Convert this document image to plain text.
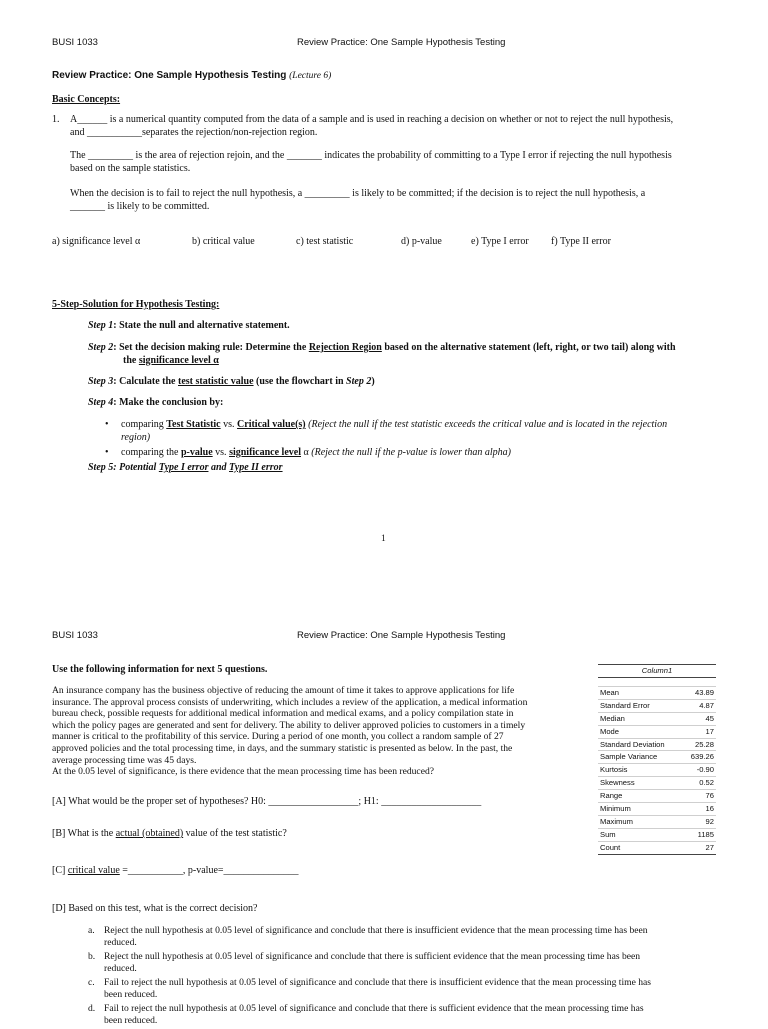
BUSI 1033	Review Practice: One Sample Hypothesis Testing
Review Practice: One Sample Hypothesis Testing (Lecture 6)
Basic Concepts:
1. A______ is a numerical quantity computed from the data of a sample and is used in reaching a decision on whether or not to reject the null hypothesis,
and ___________separates the rejection/non-rejection region.
The _________ is the area of rejection rejoin, and the _______ indicates the probability of committing to a Type I error if rejecting the null hypothesis
based on the sample statistics.
When the decision is to fail to reject the null hypothesis, a _________ is likely to be committed; if the decision is to reject the null hypothesis, a
_______ is likely to be committed.
a) significance level α	b) critical value	c) test statistic	d) p-value	e) Type I error f) Type II error
5-Step-Solution for Hypothesis Testing:
Step 1: State the null and alternative statement.
Step 2: Set the decision making rule: Determine the Rejection Region based on the alternative statement (left, right, or two tail) along with
the significance level α
Step 3: Calculate the test statistic value (use the flowchart in Step 2)
Step 4: Make the conclusion by:
•	comparing Test Statistic vs. Critical value(s) (Reject the null if the test statistic exceeds the critical value and is located in the rejection
region)
•	comparing the p-value vs. significance level α (Reject the null if the p-value is lower than alpha)
Step 5: Potential Type I error and Type II error
1
BUSI 1033	Review Practice: One Sample Hypothesis Testing
Use the following information for next 5 questions.
An insurance company has the business objective of reducing the amount of time it takes to approve applications for life
insurance. The approval process consists of underwriting, which includes a review of the application, a medical information
bureau check, possible requests for additional medical information and medical exams, and a policy compilation state in
which the policy pages are generated and sent for delivery. The ability to deliver approved policies to customers in a timely
manner is critical to the profitability of this service. During a period of one month, you collect a random sample of 27
approved policies and the total processing time, in days, and the summary statistic is presented as below. In the past, the
average processing time was 45 days.
At the 0.05 level of significance, is there evidence that the mean processing time has been reduced?
[A] What would be the proper set of hypotheses? H0: __________________; H1: ____________________
[B] What is the actual (obtained) value of the test statistic?
[C] critical value =___________, p-value=_______________
[D] Based on this test, what is the correct decision?
a. Reject the null hypothesis at 0.05 level of significance and conclude that there is insufficient evidence that the mean processing time has been
reduced.
b. Reject the null hypothesis at 0.05 level of significance and conclude that there is sufficient evidence that the mean processing time has been
reduced.
c. Fail to reject the null hypothesis at 0.05 level of significance and conclude that there is insufficient evidence that the mean processing time has
been reduced.
d. Fail to reject the null hypothesis at 0.05 level of significance and conclude that there is sufficient evidence that the mean processing time has
been reduced.
Column1	

Mean	43.89
Standard Error	4.87
Median	45
Mode	17
Standard Deviation	25.28
Sample Variance	639.26
Kurtosis	-0.90
Skewness	0.52
Range	76
Minimum	16
Maximum	92
Sum	1185
Count	27
